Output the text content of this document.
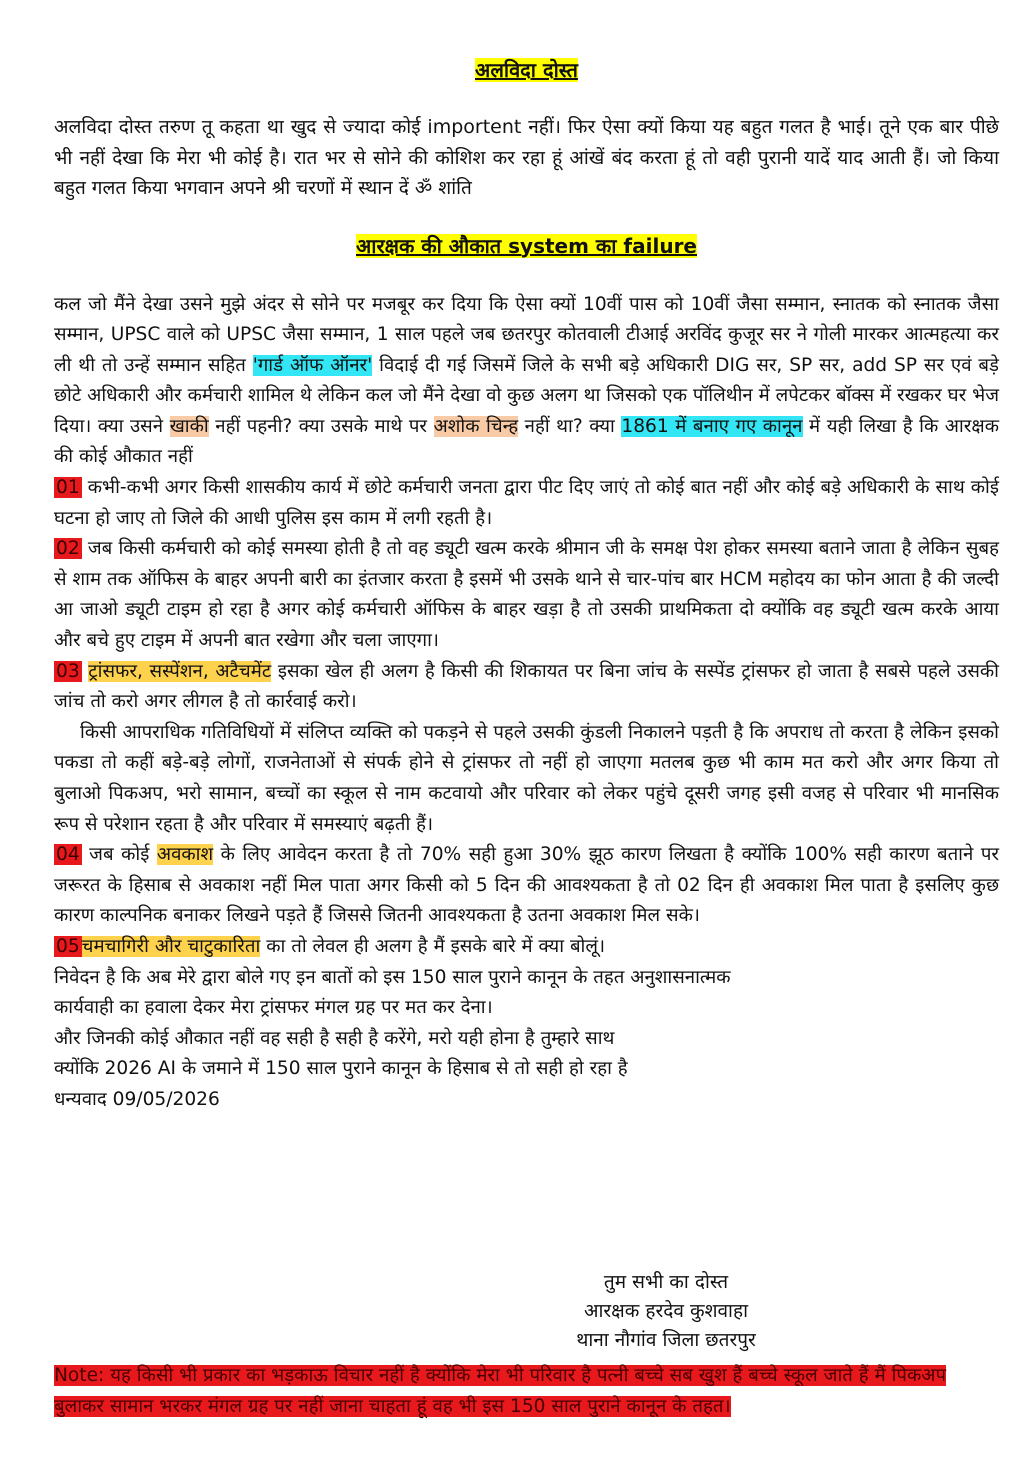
अलविदा दोस्त

अलविदा दोस्त तरुण तू कहता था खुद से ज्यादा कोई importent नहीं। फिर ऐसा क्यों किया यह बहुत गलत है भाई। तूने एक बार पीछे भी नहीं देखा कि मेरा भी कोई है। रात भर से सोने की कोशिश कर रहा हूं आंखें बंद करता हूं तो वही पुरानी यादें याद आती हैं। जो किया बहुत गलत किया भगवान अपने श्री चरणों में स्थान दें ॐ शांति

आरक्षक की औकात system का failure

कल जो मैंने देखा उसने मुझे अंदर से सोने पर मजबूर कर दिया कि ऐसा क्यों 10वीं पास को 10वीं जैसा सम्मान, स्नातक को स्नातक जैसा सम्मान, UPSC वाले को UPSC जैसा सम्मान, 1 साल पहले जब छतरपुर कोतवाली टीआई अरविंद कुजूर सर ने गोली मारकर आत्महत्या कर ली थी तो उन्हें सम्मान सहित 'गार्ड ऑफ ऑनर' विदाई दी गई जिसमें जिले के सभी बड़े अधिकारी DIG सर, SP सर, add SP सर एवं बड़े छोटे अधिकारी और कर्मचारी शामिल थे लेकिन कल जो मैंने देखा वो कुछ अलग था जिसको एक पॉलिथीन में लपेटकर बॉक्स में रखकर घर भेज दिया। क्या उसने खाकी नहीं पहनी? क्या उसके माथे पर अशोक चिन्ह नहीं था? क्या 1861 में बनाए गए कानून में यही लिखा है कि आरक्षक की कोई औकात नहीं

01 कभी-कभी अगर किसी शासकीय कार्य में छोटे कर्मचारी जनता द्वारा पीट दिए जाएं तो कोई बात नहीं और कोई बड़े अधिकारी के साथ कोई घटना हो जाए तो जिले की आधी पुलिस इस काम में लगी रहती है।

02 जब किसी कर्मचारी को कोई समस्या होती है तो वह ड्यूटी खत्म करके श्रीमान जी के समक्ष पेश होकर समस्या बताने जाता है लेकिन सुबह से शाम तक ऑफिस के बाहर अपनी बारी का इंतजार करता है इसमें भी उसके थाने से चार-पांच बार HCM महोदय का फोन आता है की जल्दी आ जाओ ड्यूटी टाइम हो रहा है अगर कोई कर्मचारी ऑफिस के बाहर खड़ा है तो उसकी प्राथमिकता दो क्योंकि वह ड्यूटी खत्म करके आया और बचे हुए टाइम में अपनी बात रखेगा और चला जाएगा।

03 ट्रांसफर, सस्पेंशन, अटैचमेंट इसका खेल ही अलग है किसी की शिकायत पर बिना जांच के सस्पेंड ट्रांसफर हो जाता है सबसे पहले उसकी जांच तो करो अगर लीगल है तो कार्रवाई करो।

किसी आपराधिक गतिविधियों में संलिप्त व्यक्ति को पकड़ने से पहले उसकी कुंडली निकालने पड़ती है कि अपराध तो करता है लेकिन इसको पकडा तो कहीं बड़े-बड़े लोगों, राजनेताओं से संपर्क होने से ट्रांसफर तो नहीं हो जाएगा मतलब कुछ भी काम मत करो और अगर किया तो बुलाओ पिकअप, भरो सामान, बच्चों का स्कूल से नाम कटवायो और परिवार को लेकर पहुंचे दूसरी जगह इसी वजह से परिवार भी मानसिक रूप से परेशान रहता है और परिवार में समस्याएं बढ़ती हैं।

04 जब कोई अवकाश के लिए आवेदन करता है तो 70% सही हुआ 30% झूठ कारण लिखता है क्योंकि 100% सही कारण बताने पर जरूरत के हिसाब से अवकाश नहीं मिल पाता अगर किसी को 5 दिन की आवश्यकता है तो 02 दिन ही अवकाश मिल पाता है इसलिए कुछ कारण काल्पनिक बनाकर लिखने पड़ते हैं जिससे जितनी आवश्यकता है उतना अवकाश मिल सके।

05 चमचागिरी और चाटुकारिता का तो लेवल ही अलग है मैं इसके बारे में क्या बोलूं।

निवेदन है कि अब मेरे द्वारा बोले गए इन बातों को इस 150 साल पुराने कानून के तहत अनुशासनात्मक

कार्यवाही का हवाला देकर मेरा ट्रांसफर मंगल ग्रह पर मत कर देना।

और जिनकी कोई औकात नहीं वह सही है सही है करेंगे, मरो यही होना है तुम्हारे साथ

क्योंकि 2026 AI के जमाने में 150 साल पुराने कानून के हिसाब से तो सही हो रहा है

धन्यवाद 09/05/2026

तुम सभी का दोस्त
आरक्षक हरदेव कुशवाहा
थाना नौगांव जिला छतरपुर
Note: यह किसी भी प्रकार का भड़काऊ विचार नहीं है क्योंकि मेरा भी परिवार है पत्नी बच्चे सब खुश हैं बच्चे स्कूल जाते हैं मैं पिकअप बुलाकर सामान भरकर मंगल ग्रह पर नहीं जाना चाहता हूं वह भी इस 150 साल पुराने कानून के तहत।
